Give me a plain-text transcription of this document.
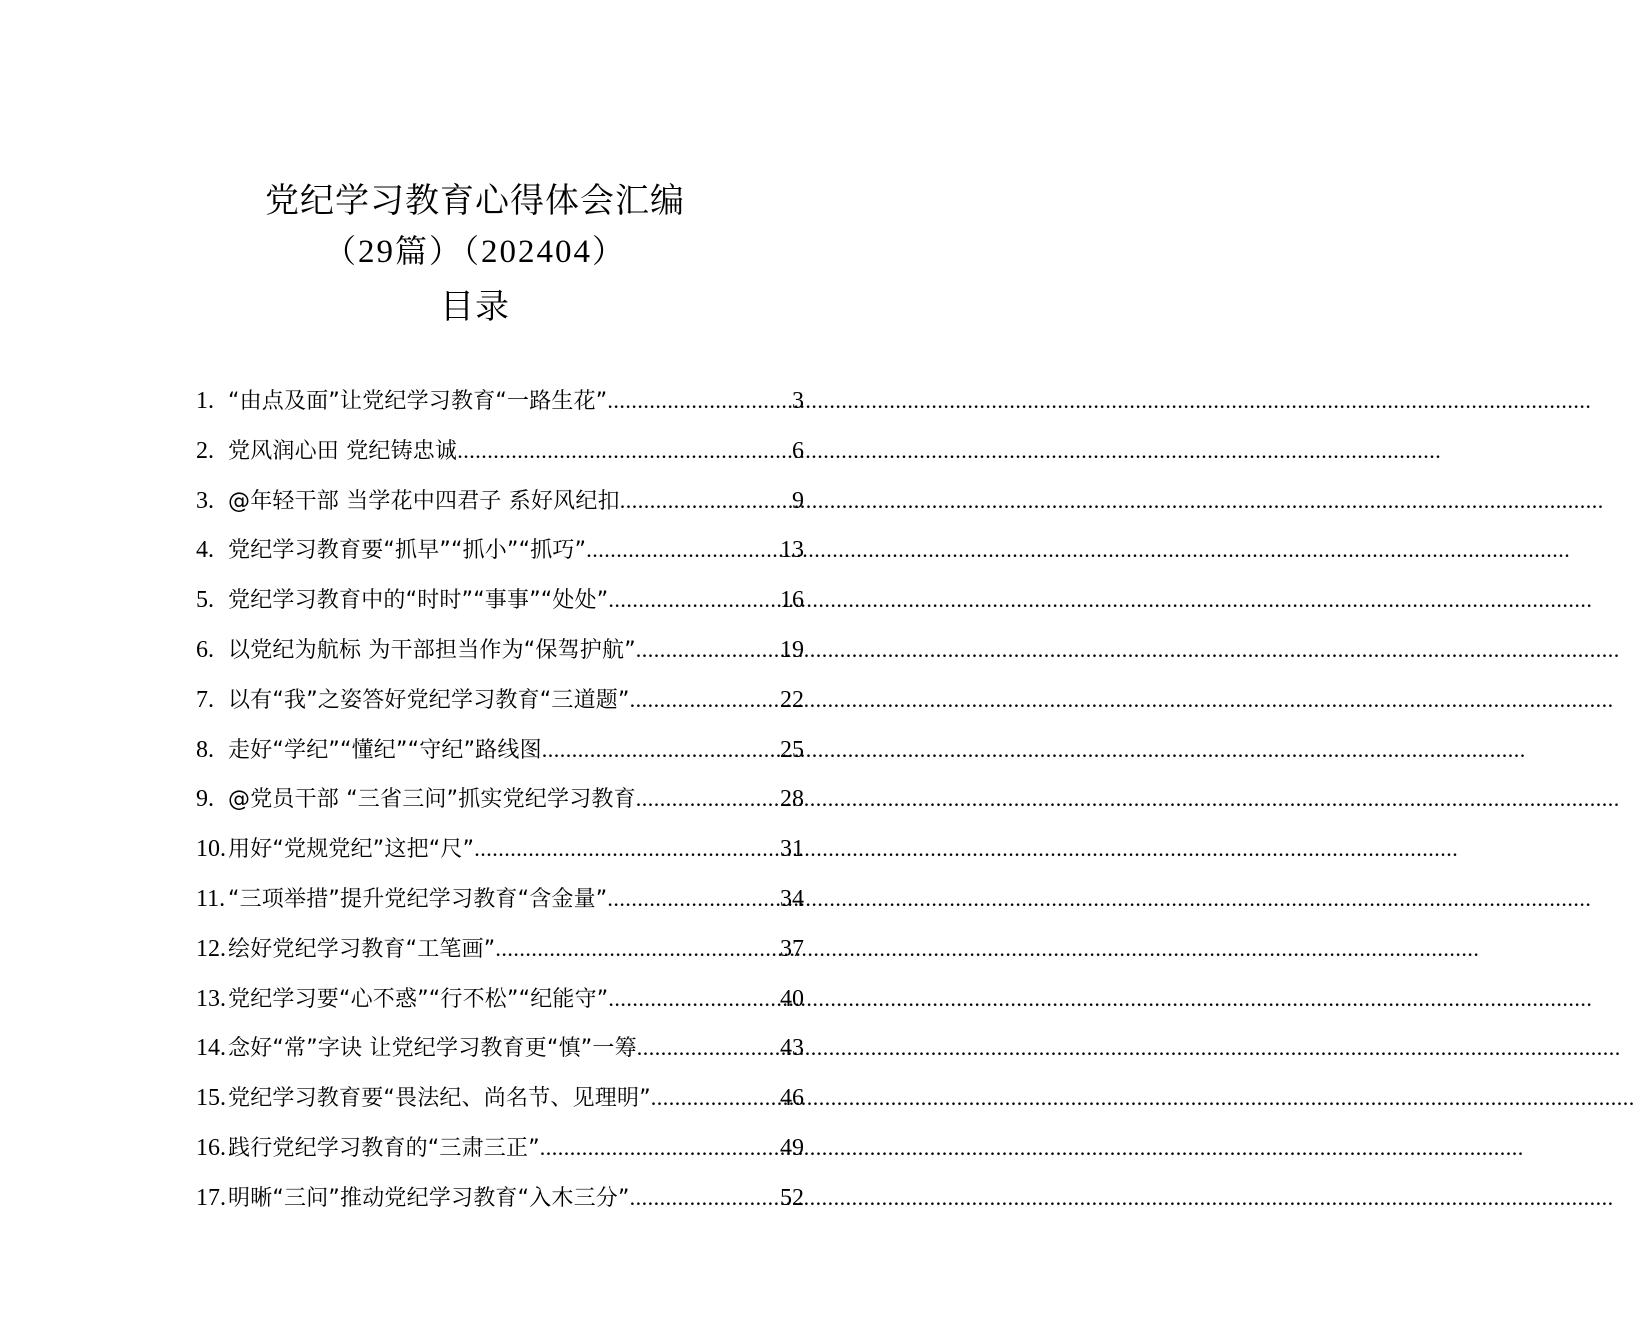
党纪学习教育心得体会汇编
（29篇）（202404）
目录
1. “由点及面”让党纪学习教育“一路生花” .....	3
2. 党风润心田 党纪铸忠诚 .....	6
3. @年轻干部 当学花中四君子 系好风纪扣 .....	9
4. 党纪学习教育要“抓早”“抓小”“抓巧” .....	13
5. 党纪学习教育中的“时时”“事事”“处处” .....	16
6. 以党纪为航标 为干部担当作为“保驾护航” .....	19
7. 以有“我”之姿答好党纪学习教育“三道题” .....	22
8. 走好“学纪”“懂纪”“守纪”路线图 .....	25
9. @党员干部 “三省三问”抓实党纪学习教育 .....	28
10. 用好“党规党纪”这把“尺” .....	31
11. “三项举措”提升党纪学习教育“含金量” .....	34
12. 绘好党纪学习教育“工笔画” .....	37
13. 党纪学习要“心不惑”“行不松”“纪能守” .....	40
14. 念好“常”字诀 让党纪学习教育更“慎”一筹 .....	43
15. 党纪学习教育要“畏法纪、尚名节、见理明” .....	46
16. 践行党纪学习教育的“三肃三正” .....	49
17. 明晰“三问”推动党纪学习教育“入木三分” .....	52
